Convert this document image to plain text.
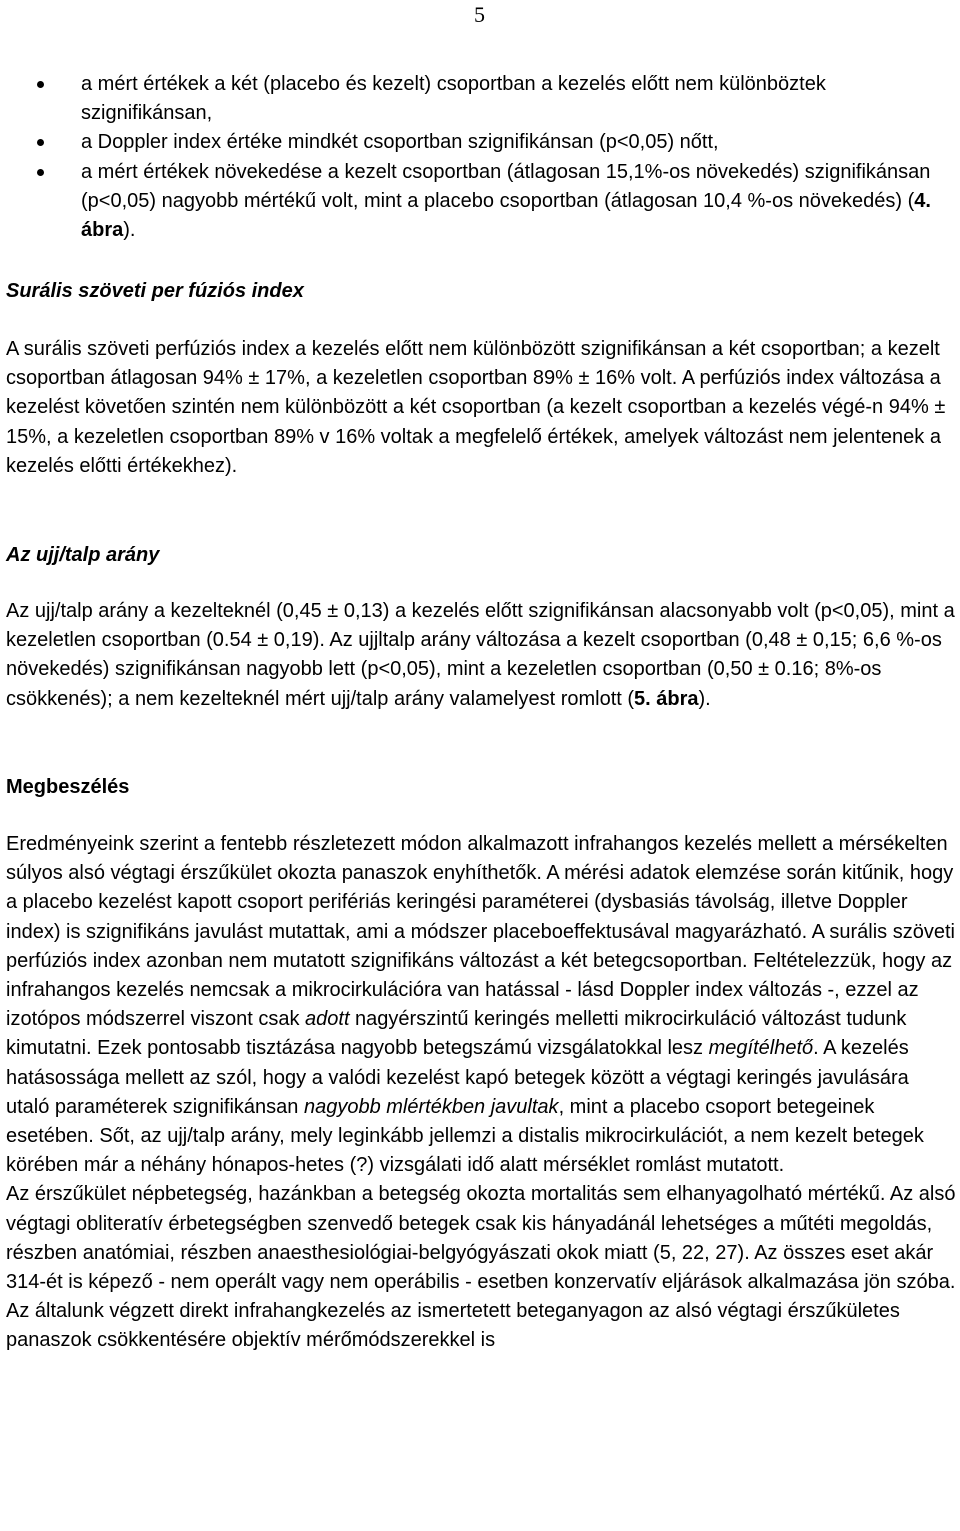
5
a mért értékek a két (placebo és kezelt) csoportban a kezelés előtt nem különböztek szignifikánsan,
a Doppler index értéke mindkét csoportban szignifikánsan (p<0,05) nőtt,
a mért értékek növekedése a kezelt csoportban (átlagosan 15,1%-os növekedés) szignifikánsan (p<0,05) nagyobb mértékű volt, mint a placebo csoportban (átlagosan 10,4 %-os növekedés) (4. ábra).

Surális szöveti per fúziós index

A surális szöveti perfúziós index a kezelés előtt nem különbözött szignifikánsan a két csoportban; a kezelt csoportban átlagosan 94% ± 17%, a kezeletlen csoportban 89% ± 16% volt. A perfúziós index változása a kezelést követően szintén nem különbözött a két csoportban (a kezelt csoportban a kezelés végé-n 94% ± 15%, a kezeletlen csoportban 89% v 16% voltak a megfelelő értékek, amelyek változást nem jelentenek a kezelés előtti értékekhez).

Az ujj/talp arány

Az ujj/talp arány a kezelteknél (0,45 ± 0,13) a kezelés előtt szignifikánsan alacsonyabb volt (p<0,05), mint a kezeletlen csoportban (0.54 ± 0,19). Az ujjltalp arány változása a kezelt csoportban (0,48 ± 0,15; 6,6 %-os növekedés) szignifikánsan nagyobb lett (p<0,05), mint a kezeletlen csoportban (0,50 ± 0.16; 8%-os csökkenés); a nem kezelteknél mért ujj/talp arány valamelyest romlott (5. ábra).

Megbeszélés

Eredményeink szerint a fentebb részletezett módon alkalmazott infrahangos kezelés mellett a mérsékelten súlyos alsó végtagi érszűkület okozta panaszok enyhíthetők. A mérési adatok elemzése során kitűnik, hogy a placebo kezelést kapott csoport perifériás keringési paraméterei (dysbasiás távolság, illetve Doppler index) is szignifikáns javulást mutattak, ami a módszer placeboeffektusával magyarázható. A surális szöveti perfúziós index azonban nem mutatott szignifikáns változást a két betegcsoportban. Feltételezzük, hogy az infrahangos kezelés nemcsak a mikrocirkulációra van hatással - lásd Doppler index változás -, ezzel az izotópos módszerrel viszont csak adott nagyérszintű keringés melletti mikrocirkuláció változást tudunk kimutatni. Ezek pontosabb tisztázása nagyobb betegszámú vizsgálatokkal lesz megítélhető. A kezelés hatásossága mellett az szól, hogy a valódi kezelést kapó betegek között a végtagi keringés javulására utaló paraméterek szignifikánsan nagyobb mlértékben javultak, mint a placebo csoport betegeinek esetében. Sőt, az ujj/talp arány, mely leginkább jellemzi a distalis mikrocirkulációt, a nem kezelt betegek körében már a néhány hónapos-hetes (?) vizsgálati idő alatt mérséklet romlást mutatott.

Az érszűkület népbetegség, hazánkban a betegség okozta mortalitás sem elhanyagolható mértékű. Az alsó végtagi obliteratív érbetegségben szenvedő betegek csak kis hányadánál lehetséges a műtéti megoldás, részben anatómiai, részben anaesthesiológiai-belgyógyászati okok miatt (5, 22, 27). Az összes eset akár 314-ét is képező - nem operált vagy nem operábilis - esetben konzervatív eljárások alkalmazása jön szóba.

Az általunk végzett direkt infrahangkezelés az ismertetett beteganyagon az alsó végtagi érszűkületes panaszok csökkentésére objektív mérőmódszerekkel is
